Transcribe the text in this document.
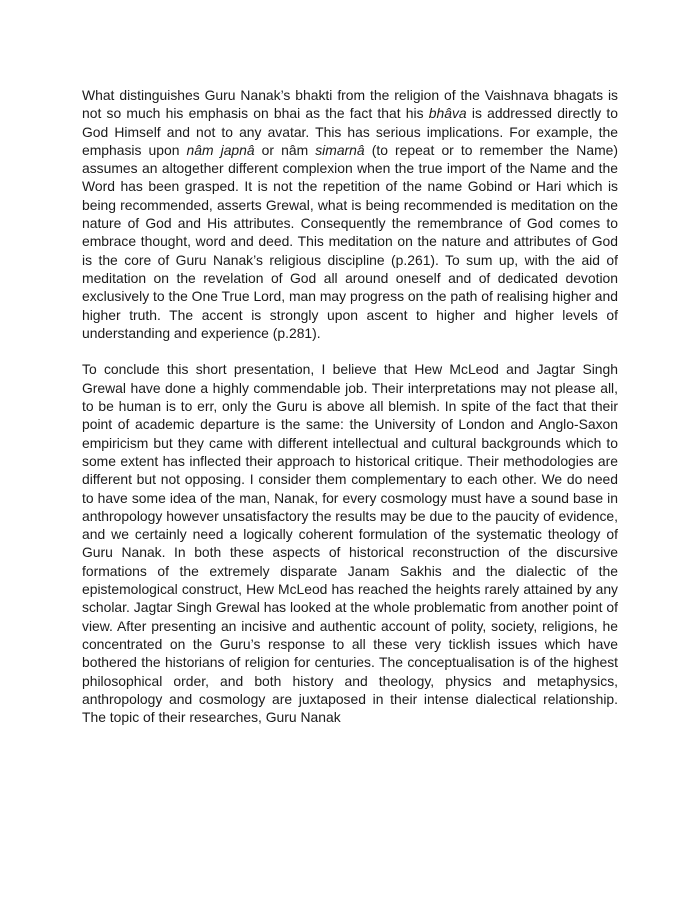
What distinguishes Guru Nanak’s bhakti from the religion of the Vaishnava bhagats is not so much his emphasis on bhai as the fact that his bhâva is addressed directly to God Himself and not to any avatar. This has serious implications. For example, the emphasis upon nâm japnâ or nâm simarnâ (to repeat or to remember the Name) assumes an altogether different complexion when the true import of the Name and the Word has been grasped. It is not the repetition of the name Gobind or Hari which is being recommended, asserts Grewal, what is being recommended is meditation on the nature of God and His attributes. Consequently the remembrance of God comes to embrace thought, word and deed. This meditation on the nature and attributes of God is the core of Guru Nanak’s religious discipline (p.261). To sum up, with the aid of meditation on the revelation of God all around oneself and of dedicated devotion exclusively to the One True Lord, man may progress on the path of realising higher and higher truth. The accent is strongly upon ascent to higher and higher levels of understanding and experience (p.281).

To conclude this short presentation, I believe that Hew McLeod and Jagtar Singh Grewal have done a highly commendable job. Their interpretations may not please all, to be human is to err, only the Guru is above all blemish. In spite of the fact that their point of academic departure is the same: the University of London and Anglo-Saxon empiricism but they came with different intellectual and cultural backgrounds which to some extent has inflected their approach to historical critique. Their methodologies are different but not opposing. I consider them complementary to each other. We do need to have some idea of the man, Nanak, for every cosmology must have a sound base in anthropology however unsatisfactory the results may be due to the paucity of evidence, and we certainly need a logically coherent formulation of the systematic theology of Guru Nanak. In both these aspects of historical reconstruction of the discursive formations of the extremely disparate Janam Sakhis and the dialectic of the epistemological construct, Hew McLeod has reached the heights rarely attained by any scholar. Jagtar Singh Grewal has looked at the whole problematic from another point of view. After presenting an incisive and authentic account of polity, society, religions, he concentrated on the Guru’s response to all these very ticklish issues which have bothered the historians of religion for centuries. The conceptualisation is of the highest philosophical order, and both history and theology, physics and metaphysics, anthropology and cosmology are juxtaposed in their intense dialectical relationship. The topic of their researches, Guru Nanak
